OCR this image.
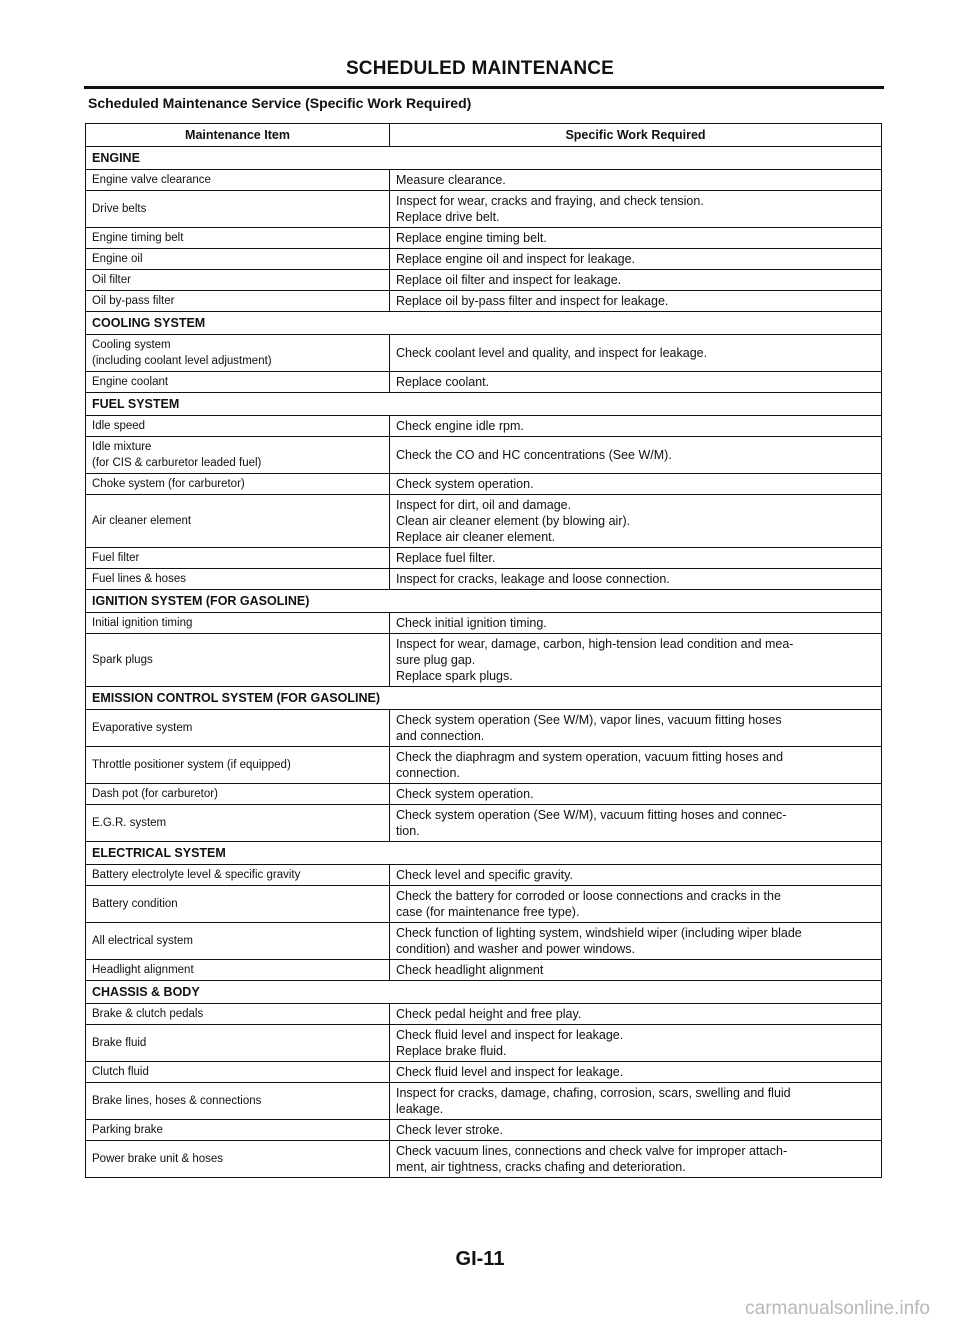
SCHEDULED MAINTENANCE
Scheduled Maintenance Service (Specific Work Required)
Maintenance Item	Specific Work Required
ENGINE	
Engine valve clearance	Measure clearance.

Drive belts	Inspect for wear, cracks and fraying, and check tension.
Replace drive belt.

Engine timing belt	Replace engine timing belt.

Engine oil	Replace engine oil and inspect for leakage.

Oil filter	Replace oil filter and inspect for leakage.

Oil by-pass filter	Replace oil by-pass filter and inspect for leakage.

COOLING SYSTEM	

Cooling system
(including coolant level adjustment)	Check coolant level and quality, and inspect for leakage.

Engine coolant	Replace coolant.

FUEL SYSTEM	
Idle speed	Check engine idle rpm.

Idle mixture
(for CIS & carburetor leaded fuel)	Check the CO and HC concentrations (See W/M).

Choke system (for carburetor)	Check system operation.

Air cleaner element	Inspect for dirt, oil and damage.
Clean air cleaner element (by blowing air).
Replace air cleaner element.

Fuel filter	Replace fuel filter.

Fuel lines & hoses	Inspect for cracks, leakage and loose connection.

IGNITION SYSTEM (FOR GASOLINE)	
Initial ignition timing	Check initial ignition timing.

Spark plugs	Inspect for wear, damage, carbon, high-tension lead condition and mea-
sure plug gap.
Replace spark plugs.

EMISSION CONTROL SYSTEM (FOR GASOLINE)	
Evaporative system	Check system operation (See W/M), vapor lines, vacuum fitting hoses
and connection.

Throttle positioner system (if equipped)	Check the diaphragm and system operation, vacuum fitting hoses and
connection.

Dash pot (for carburetor)	Check system operation.

E.G.R. system	Check system operation (See W/M), vacuum fitting hoses and connec-
tion.

ELECTRICAL SYSTEM	
Battery electrolyte level & specific gravity	Check level and specific gravity.

Battery condition	Check the battery for corroded or loose connections and cracks in the
case (for maintenance free type).

All electrical system	Check function of lighting system, windshield wiper (including wiper blade
condition) and washer and power windows.

Headlight alignment	Check headlight alignment

CHASSIS & BODY	
Brake & clutch pedals	Check pedal height and free play.

Brake fluid	Check fluid level and inspect for leakage.
Replace brake fluid.

Clutch fluid	Check fluid level and inspect for leakage.

Brake lines, hoses & connections	Inspect for cracks, damage, chafing, corrosion, scars, swelling and fluid
leakage.

Parking brake	Check lever stroke.

Power brake unit & hoses	Check vacuum lines, connections and check valve for improper attach-
ment, air tightness, cracks chafing and deterioration.
GI-11
carmanualsonline.info
